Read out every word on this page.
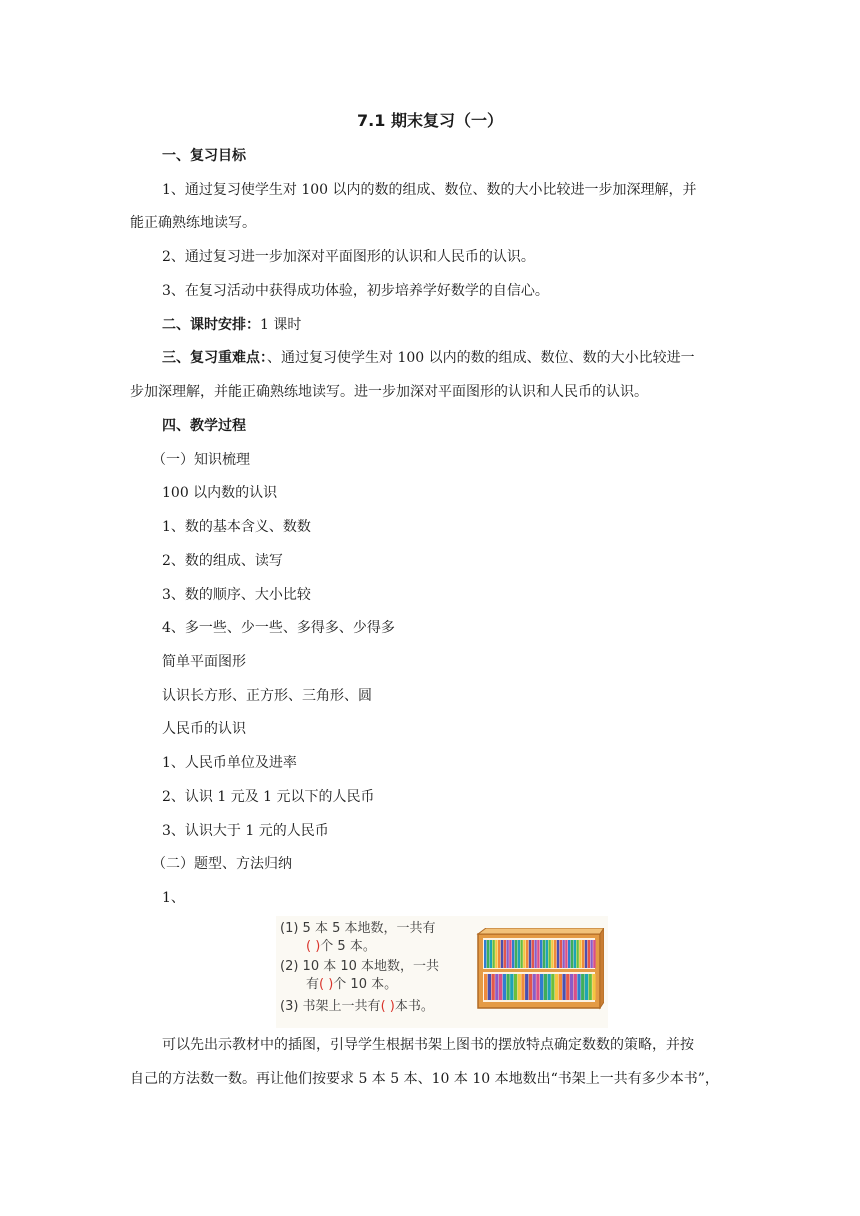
7.1 期末复习（一）
一、复习目标
1、通过复习使学生对 100 以内的数的组成、数位、数的大小比较进一步加深理解，并
能正确熟练地读写。
2、通过复习进一步加深对平面图形的认识和人民币的认识。
3、在复习活动中获得成功体验，初步培养学好数学的自信心。
二、课时安排：1 课时
三、复习重难点：、通过复习使学生对 100 以内的数的组成、数位、数的大小比较进一
步加深理解，并能正确熟练地读写。进一步加深对平面图形的认识和人民币的认识。
四、教学过程
（一）知识梳理
100 以内数的认识
1、数的基本含义、数数
2、数的组成、读写
3、数的顺序、大小比较
4、多一些、少一些、多得多、少得多
简单平面图形
认识长方形、正方形、三角形、圆
人民币的认识
1、人民币单位及进率
2、认识 1 元及 1 元以下的人民币
3、认识大于 1 元的人民币
（二）题型、方法归纳
1、
(1) 5 本 5 本地数，一共有
( )个 5 本。
(2) 10 本 10 本地数，一共
有( )个 10 本。
(3) 书架上一共有( )本书。
可以先出示教材中的插图，引导学生根据书架上图书的摆放特点确定数数的策略，并按
自己的方法数一数。再让他们按要求 5 本 5 本、10 本 10 本地数出“书架上一共有多少本书”，
